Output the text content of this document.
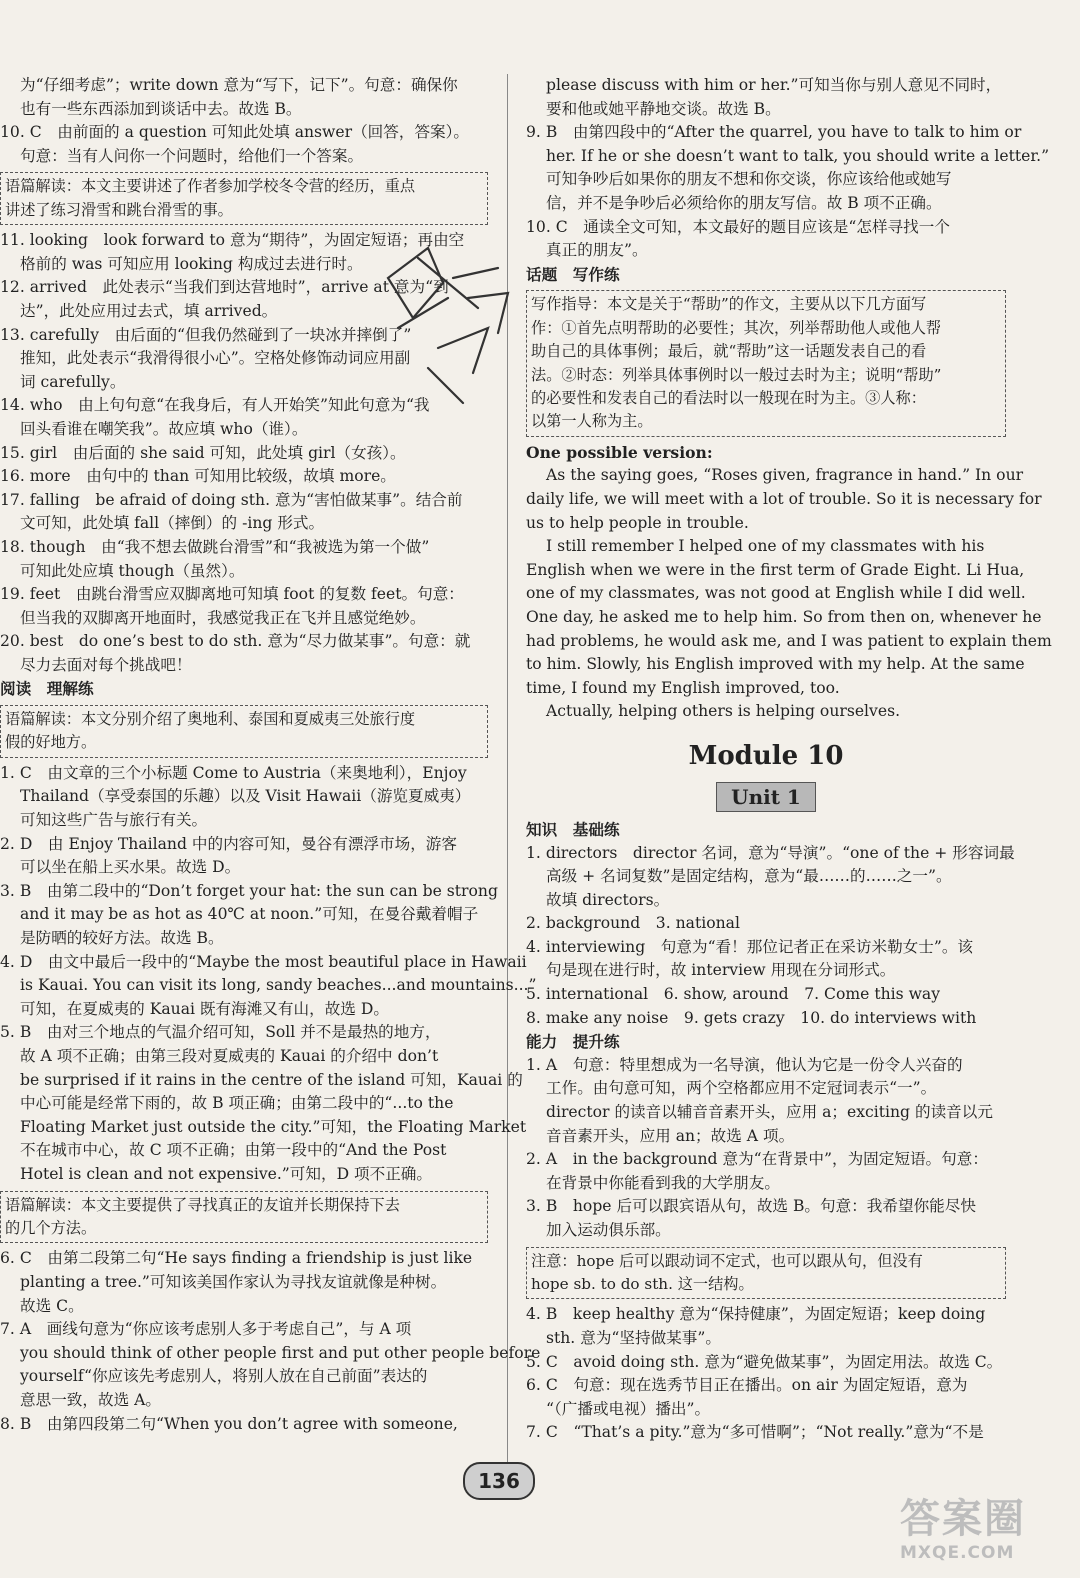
为“仔细考虑”；write down 意为“写下，记下”。句意：确保你
也有一些东西添加到谈话中去。故选 B。
10. C　由前面的 a question 可知此处填 answer（回答，答案）。
句意：当有人问你一个问题时，给他们一个答案。
语篇解读：本文主要讲述了作者参加学校冬令营的经历，重点
讲述了练习滑雪和跳台滑雪的事。
11. looking　look forward to 意为“期待”，为固定短语；再由空
格前的 was 可知应用 looking 构成过去进行时。
12. arrived　此处表示“当我们到达营地时”，arrive at 意为“到
达”，此处应用过去式，填 arrived。
13. carefully　由后面的“但我仍然碰到了一块冰并摔倒了”
推知，此处表示“我滑得很小心”。空格处修饰动词应用副
词 carefully。
14. who　由上句句意“在我身后，有人开始笑”知此句意为“我
回头看谁在嘲笑我”。故应填 who（谁）。
15. girl　由后面的 she said 可知，此处填 girl（女孩）。
16. more　由句中的 than 可知用比较级，故填 more。
17. falling　be afraid of doing sth. 意为“害怕做某事”。结合前
文可知，此处填 fall（摔倒）的 -ing 形式。
18. though　由“我不想去做跳台滑雪”和“我被选为第一个做”
可知此处应填 though（虽然）。
19. feet　由跳台滑雪应双脚离地可知填 foot 的复数 feet。句意：
但当我的双脚离开地面时，我感觉我正在飞并且感觉绝妙。
20. best　do one’s best to do sth. 意为“尽力做某事”。句意：就
尽力去面对每个挑战吧！
阅读　理解练
语篇解读：本文分别介绍了奥地利、泰国和夏威夷三处旅行度
假的好地方。
1. C　由文章的三个小标题 Come to Austria（来奥地利），Enjoy
Thailand（享受泰国的乐趣）以及 Visit Hawaii（游览夏威夷）
可知这些广告与旅行有关。
2. D　由 Enjoy Thailand 中的内容可知，曼谷有漂浮市场，游客
可以坐在船上买水果。故选 D。
3. B　由第二段中的“Don’t forget your hat: the sun can be strong
and it may be as hot as 40℃ at noon.”可知，在曼谷戴着帽子
是防晒的较好方法。故选 B。
4. D　由文中最后一段中的“Maybe the most beautiful place in Hawaii
is Kauai. You can visit its long, sandy beaches...and mountains...”
可知，在夏威夷的 Kauai 既有海滩又有山，故选 D。
5. B　由对三个地点的气温介绍可知，Soll 并不是最热的地方，
故 A 项不正确；由第三段对夏威夷的 Kauai 的介绍中 don’t
be surprised if it rains in the centre of the island 可知，Kauai 的
中心可能是经常下雨的，故 B 项正确；由第二段中的“...to the
Floating Market just outside the city.”可知，the Floating Market
不在城市中心，故 C 项不正确；由第一段中的“And the Post
Hotel is clean and not expensive.”可知，D 项不正确。
语篇解读：本文主要提供了寻找真正的友谊并长期保持下去
的几个方法。
6. C　由第二段第二句“He says finding a friendship is just like
planting a tree.”可知该美国作家认为寻找友谊就像是种树。
故选 C。
7. A　画线句意为“你应该考虑别人多于考虑自己”，与 A 项
you should think of other people first and put other people before
yourself“你应该先考虑别人，将别人放在自己前面”表达的
意思一致，故选 A。
8. B　由第四段第二句“When you don’t agree with someone,
please discuss with him or her.”可知当你与别人意见不同时，
要和他或她平静地交谈。故选 B。
9. B　由第四段中的“After the quarrel, you have to talk to him or
her. If he or she doesn’t want to talk, you should write a letter.”
可知争吵后如果你的朋友不想和你交谈，你应该给他或她写
信，并不是争吵后必须给你的朋友写信。故 B 项不正确。
10. C　通读全文可知，本文最好的题目应该是“怎样寻找一个
真正的朋友”。
话题　写作练
写作指导：本文是关于“帮助”的作文，主要从以下几方面写
作：①首先点明帮助的必要性；其次，列举帮助他人或他人帮
助自己的具体事例；最后，就“帮助”这一话题发表自己的看
法。②时态：列举具体事例时以一般过去时为主；说明“帮助”
的必要性和发表自己的看法时以一般现在时为主。③人称：
以第一人称为主。
One possible version:
As the saying goes, “Roses given, fragrance in hand.” In our
daily life, we will meet with a lot of trouble. So it is necessary for
us to help people in trouble.
I still remember I helped one of my classmates with his
English when we were in the first term of Grade Eight. Li Hua,
one of my classmates, was not good at English while I did well.
One day, he asked me to help him. So from then on, whenever he
had problems, he would ask me, and I was patient to explain them
to him. Slowly, his English improved with my help. At the same
time, I found my English improved, too.
Actually, helping others is helping ourselves.
Module 10
Unit 1
知识　基础练
1. directors　director 名词，意为“导演”。“one of the + 形容词最
高级 + 名词复数”是固定结构，意为“最……的……之一”。
故填 directors。
2. background　3. national
4. interviewing　句意为“看！那位记者正在采访米勒女士”。该
句是现在进行时，故 interview 用现在分词形式。
5. international　6. show, around　7. Come this way
8. make any noise　9. gets crazy　10. do interviews with
能力　提升练
1. A　句意：特里想成为一名导演，他认为它是一份令人兴奋的
工作。由句意可知，两个空格都应用不定冠词表示“一”。
director 的读音以辅音音素开头，应用 a；exciting 的读音以元
音音素开头，应用 an；故选 A 项。
2. A　in the background 意为“在背景中”，为固定短语。句意：
在背景中你能看到我的大学朋友。
3. B　hope 后可以跟宾语从句，故选 B。句意：我希望你能尽快
加入运动俱乐部。
注意：hope 后可以跟动词不定式，也可以跟从句，但没有
hope sb. to do sth. 这一结构。
4. B　keep healthy 意为“保持健康”，为固定短语；keep doing
sth. 意为“坚持做某事”。
5. C　avoid doing sth. 意为“避免做某事”，为固定用法。故选 C。
6. C　句意：现在选秀节目正在播出。on air 为固定短语，意为
“（广播或电视）播出”。
7. C　“That’s a pity.”意为“多可惜啊”；“Not really.”意为“不是
136
答案圈
MXQE.COM
